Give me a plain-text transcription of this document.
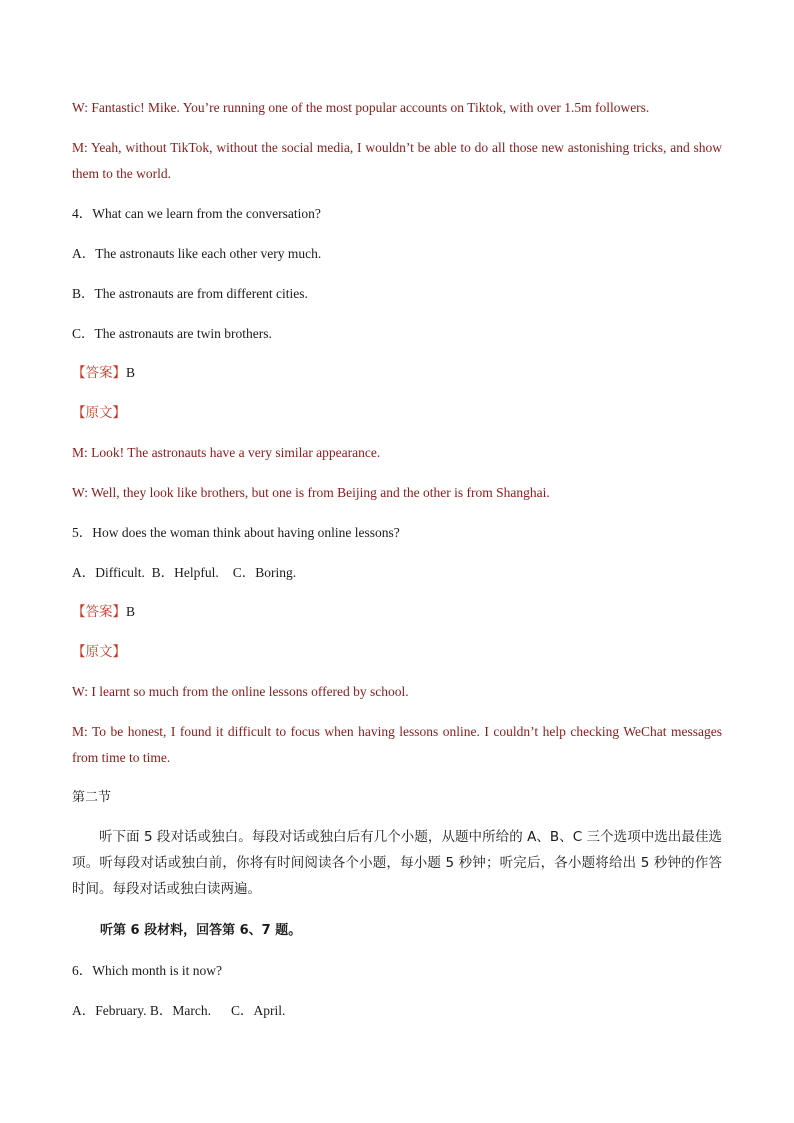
W: Fantastic! Mike. You’re running one of the most popular accounts on Tiktok, with over 1.5m followers.
M: Yeah, without TikTok, without the social media, I wouldn’t be able to do all those new astonishing tricks, and show them to the world.
4．What can we learn from the conversation?
A．The astronauts like each other very much.
B．The astronauts are from different cities.
C．The astronauts are twin brothers.
【答案】B
【原文】
M: Look! The astronauts have a very similar appearance.
W: Well, they look like brothers, but one is from Beijing and the other is from Shanghai.
5．How does the woman think about having online lessons?
A．Difficult. B．Helpful. C．Boring.
【答案】B
【原文】
W: I learnt so much from the online lessons offered by school.
M: To be honest, I found it difficult to focus when having lessons online. I couldn’t help checking WeChat messages from time to time.
第二节
听下面 5 段对话或独白。每段对话或独白后有几个小题，从题中所给的 A、B、C 三个选项中选出最佳选项。听每段对话或独白前，你将有时间阅读各个小题，每小题 5 秒钟；听完后，各小题将给出 5 秒钟的作答时间。每段对话或独白读两遍。
听第 6 段材料，回答第 6、7 题。
6．Which month is it now?
A．February. B．March. C．April.
